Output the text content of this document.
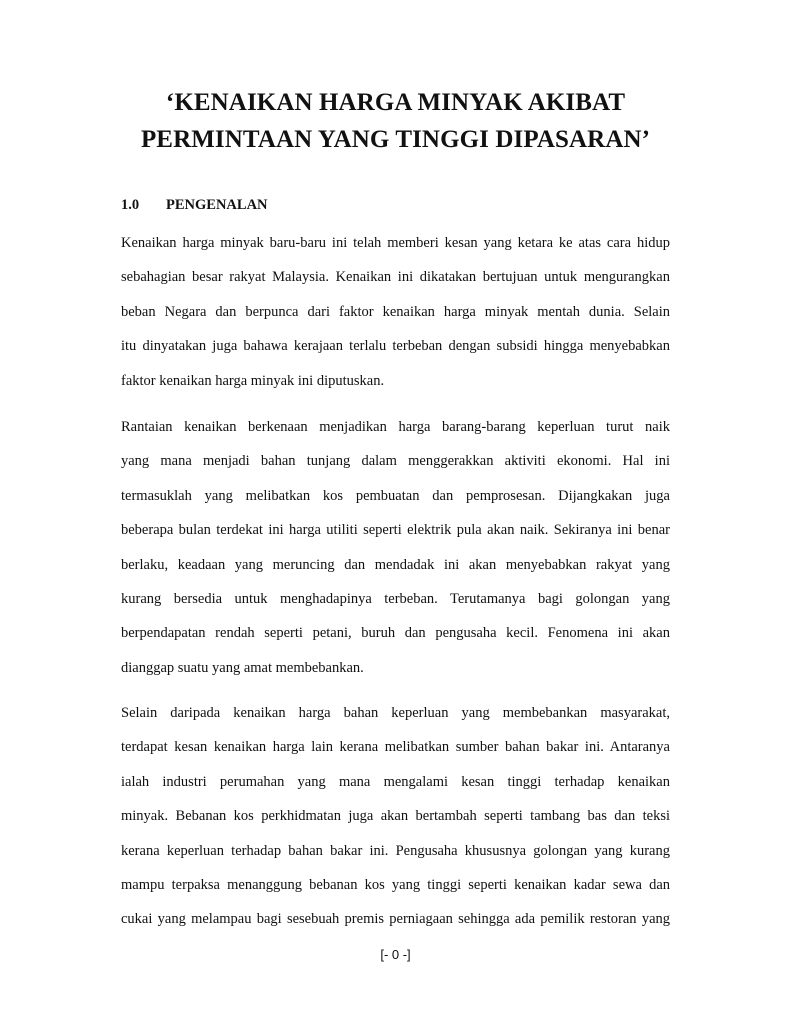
‘KENAIKAN HARGA MINYAK AKIBAT
PERMINTAAN YANG TINGGI DIPASARAN’
1.0 PENGENALAN
Kenaikan harga minyak baru-baru ini telah memberi kesan yang ketara ke atas cara hidup
sebahagian besar rakyat Malaysia. Kenaikan ini dikatakan bertujuan untuk mengurangkan
beban Negara dan berpunca dari faktor kenaikan harga minyak mentah dunia. Selain
itu dinyatakan juga bahawa kerajaan terlalu terbeban dengan subsidi hingga menyebabkan
faktor kenaikan harga minyak ini diputuskan.
Rantaian kenaikan berkenaan menjadikan harga barang-barang keperluan turut naik
yang mana menjadi bahan tunjang dalam menggerakkan aktiviti ekonomi. Hal ini
termasuklah yang melibatkan kos pembuatan dan pemprosesan. Dijangkakan juga
beberapa bulan terdekat ini harga utiliti seperti elektrik pula akan naik. Sekiranya ini benar
berlaku, keadaan yang meruncing dan mendadak ini akan menyebabkan rakyat yang
kurang bersedia untuk menghadapinya terbeban. Terutamanya bagi golongan yang
berpendapatan rendah seperti petani, buruh dan pengusaha kecil. Fenomena ini akan
dianggap suatu yang amat membebankan.
Selain daripada kenaikan harga bahan keperluan yang membebankan masyarakat,
terdapat kesan kenaikan harga lain kerana melibatkan sumber bahan bakar ini. Antaranya
ialah industri perumahan yang mana mengalami kesan tinggi terhadap kenaikan
minyak. Bebanan kos perkhidmatan juga akan bertambah seperti tambang bas dan teksi
kerana keperluan terhadap bahan bakar ini. Pengusaha khususnya golongan yang kurang
mampu terpaksa menanggung bebanan kos yang tinggi seperti kenaikan kadar sewa dan
cukai yang melampau bagi sesebuah premis perniagaan sehingga ada pemilik restoran yang

[- 0 -]
